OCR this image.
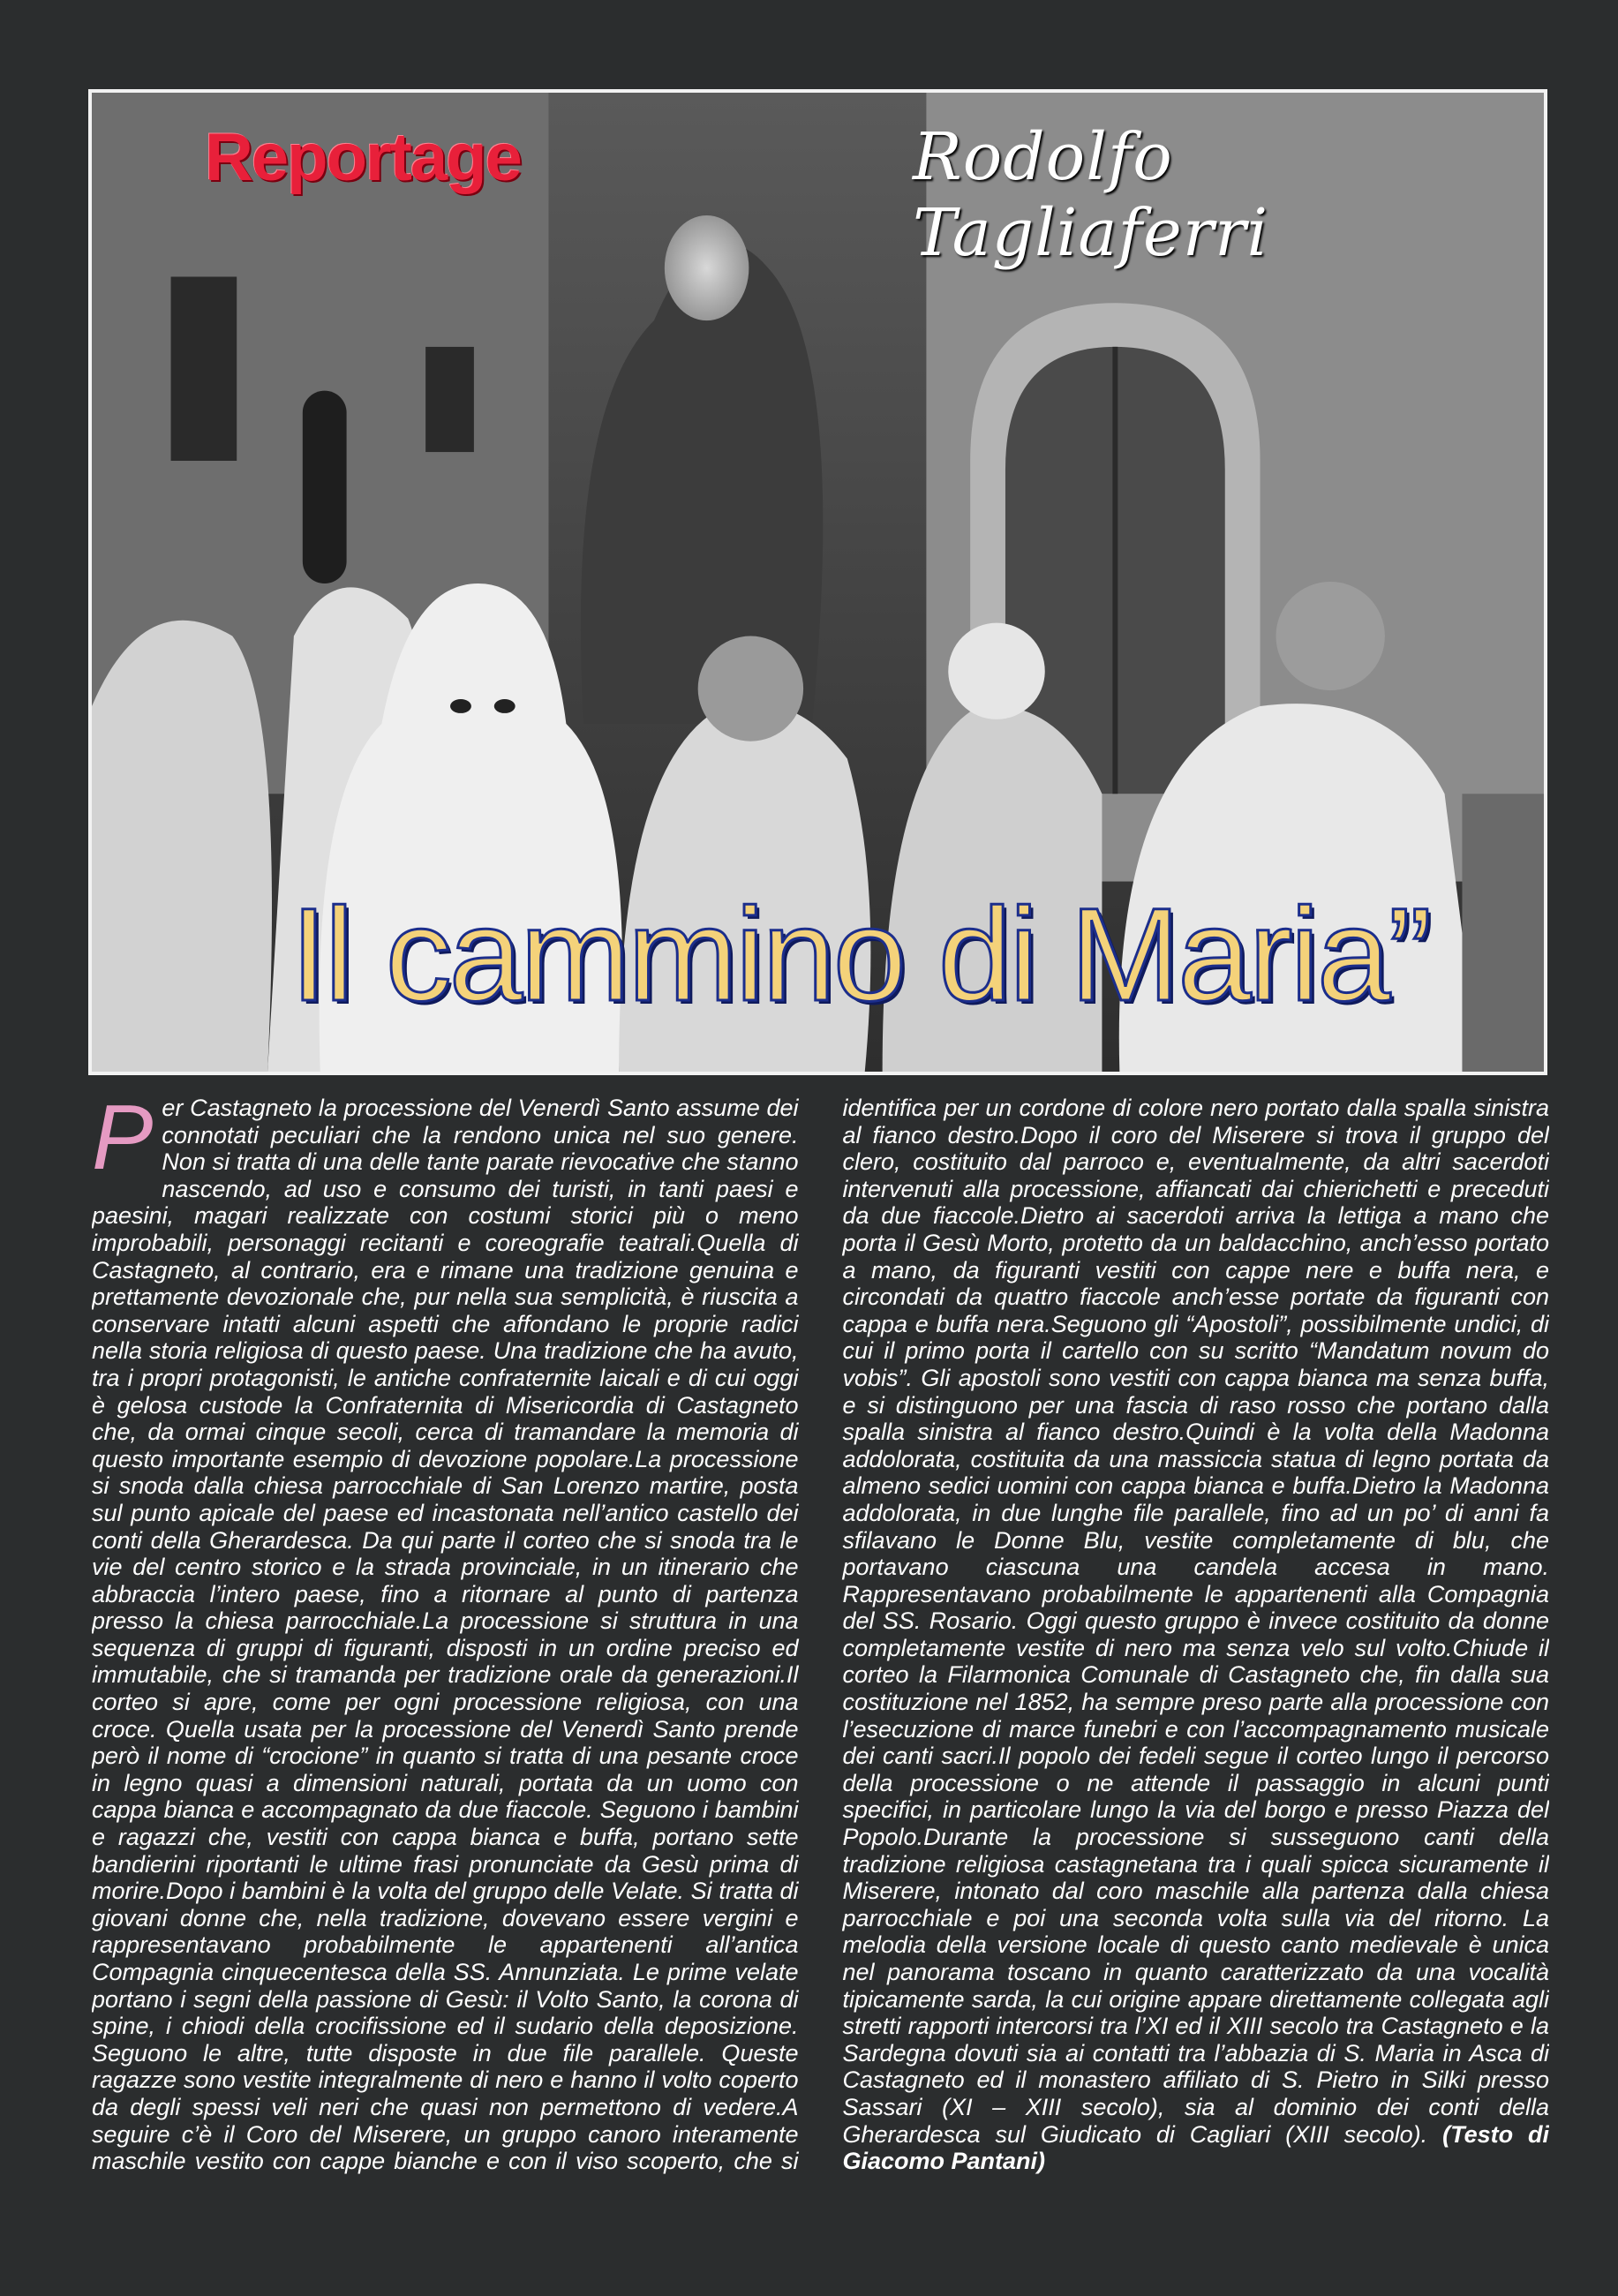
Reportage	Rodolfo Tagliaferri
Il cammino di Maria”

Per Castagneto la processione del Venerdì Santo assume dei connotati peculiari che la rendono unica nel suo genere. Non si tratta di una delle tante parate rievocative che stanno nascendo, ad uso e consumo dei turisti, in tanti paesi e paesini, magari realizzate con costumi storici più o meno improbabili, personaggi recitanti e coreografie teatrali.Quella di Castagneto, al contrario, era e rimane una tradizione genuina e prettamente devozionale che, pur nella sua semplicità, è riuscita a conservare intatti alcuni aspetti che affondano le proprie radici nella storia religiosa di questo paese. Una tradizione che ha avuto, tra i propri protagonisti, le antiche confraternite laicali e di cui oggi è gelosa custode la Confraternita di Misericordia di Castagneto che, da ormai cinque secoli, cerca di tramandare la memoria di questo importante esempio di devozione popolare.La processione si snoda dalla chiesa parrocchiale di San Lorenzo martire, posta sul punto apicale del paese ed incastonata nell’antico castello dei conti della Gherardesca. Da qui parte il corteo che si snoda tra le vie del centro storico e la strada provinciale, in un itinerario che abbraccia l’intero paese, fino a ritornare al punto di partenza presso la chiesa parrocchiale.La processione si struttura in una sequenza di gruppi di figuranti, disposti in un ordine preciso ed immutabile, che si tramanda per tradizione orale da generazioni.Il corteo si apre, come per ogni processione religiosa, con una croce. Quella usata per la processione del Venerdì Santo prende però il nome di “crocione” in quanto si tratta di una pesante croce in legno quasi a dimensioni naturali, portata da un uomo con cappa bianca e accompagnato da due fiaccole. Seguono i bambini e ragazzi che, vestiti con cappa bianca e buffa, portano sette bandierini riportanti le ultime frasi pronunciate da Gesù prima di morire.Dopo i bambini è la volta del gruppo delle Velate. Si tratta di giovani donne che, nella tradizione, dovevano essere vergini e rappresentavano probabilmente le appartenenti all’antica Compagnia cinquecentesca della SS. Annunziata. Le prime velate portano i segni della passione di Gesù: il Volto Santo, la corona di spine, i chiodi della crocifissione ed il sudario della deposizione. Seguono le altre, tutte disposte in due file parallele. Queste ragazze sono vestite integralmente di nero e hanno il volto coperto da degli spessi veli neri che quasi non permettono di vedere.A seguire c’è il Coro del Miserere, un gruppo canoro interamente maschile vestito con cappe bianche e con il viso scoperto, che si identifica per un cordone di colore nero portato dalla spalla sinistra al fianco destro.Dopo il coro del Miserere si trova il gruppo del clero, costituito dal parroco e, eventualmente, da altri sacerdoti intervenuti alla processione, affiancati dai chierichetti e preceduti da due fiaccole.Dietro ai sacerdoti arriva la lettiga a mano che porta il Gesù Morto, protetto da un baldacchino, anch’esso portato a mano, da figuranti vestiti con cappe nere e buffa nera, e circondati da quattro fiaccole anch’esse portate da figuranti con cappa e buffa nera.Seguono gli “Apostoli”, possibilmente undici, di cui il primo porta il cartello con su scritto “Mandatum novum do vobis”. Gli apostoli sono vestiti con cappa bianca ma senza buffa, e si distinguono per una fascia di raso rosso che portano dalla spalla sinistra al fianco destro.Quindi è la volta della Madonna addolorata, costituita da una massiccia statua di legno portata da almeno sedici uomini con cappa bianca e buffa.Dietro la Madonna addolorata, in due lunghe file parallele, fino ad un po’ di anni fa sfilavano le Donne Blu, vestite completamente di blu, che portavano ciascuna una candela accesa in mano. Rappresentavano probabilmente le appartenenti alla Compagnia del SS. Rosario. Oggi questo gruppo è invece costituito da donne completamente vestite di nero ma senza velo sul volto.Chiude il corteo la Filarmonica Comunale di Castagneto che, fin dalla sua costituzione nel 1852, ha sempre preso parte alla processione con l’esecuzione di marce funebri e con l’accompagnamento musicale dei canti sacri.Il popolo dei fedeli segue il corteo lungo il percorso della processione o ne attende il passaggio in alcuni punti specifici, in particolare lungo la via del borgo e presso Piazza del Popolo.Durante la processione si susseguono canti della tradizione religiosa castagnetana tra i quali spicca sicuramente il Miserere, intonato dal coro maschile alla partenza dalla chiesa parrocchiale e poi una seconda volta sulla via del ritorno. La melodia della versione locale di questo canto medievale è unica nel panorama toscano in quanto caratterizzato da una vocalità tipicamente sarda, la cui origine appare direttamente collegata agli stretti rapporti intercorsi tra l’XI ed il XIII secolo tra Castagneto e la Sardegna dovuti sia ai contatti tra l’abbazia di S. Maria in Asca di Castagneto ed il monastero affiliato di S. Pietro in Silki presso Sassari (XI – XIII secolo), sia al dominio dei conti della Gherardesca sul Giudicato di Cagliari (XIII secolo). (Testo di Giacomo Pantani)
